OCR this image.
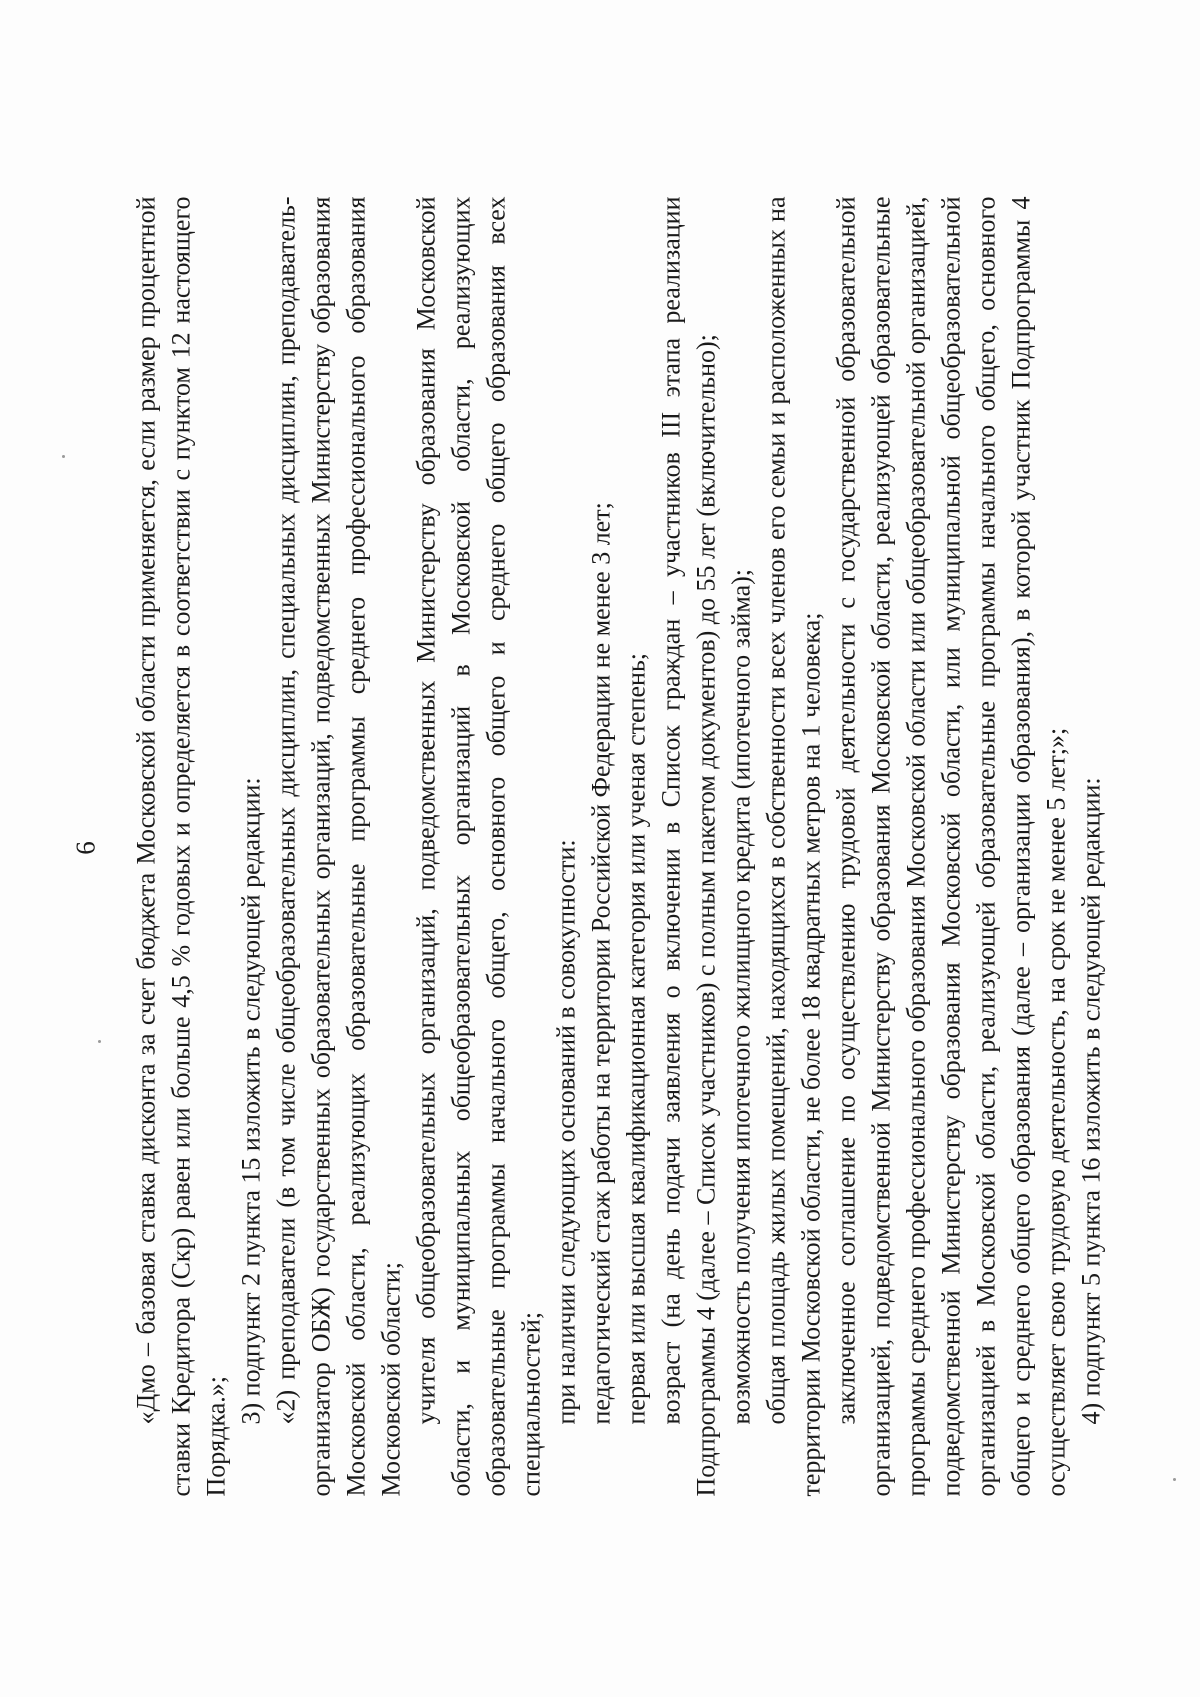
6 «Дмо – базовая ставка дисконта за счет бюджета Московской области применяется, если размер процентной ставки Кредитора (Скр) равен или больше 4,5 % годовых и определяется в соответствии с пунктом 12 настоящего Порядка.»;

3) подпункт 2 пункта 15 изложить в следующей редакции: «2) преподаватели (в том числе общеобразовательных дисциплин, специальных дисциплин, преподаватель-организатор ОБЖ) государственных образовательных организаций, подведомственных Министерству образования Московской области, реализующих образовательные программы среднего профессионального образования Московской области; учителя общеобразовательных организаций, подведомственных Министерству образования Московской области, и муниципальных общеобразовательных организаций в Московской области, реализующих образовательные программы начального общего, основного общего и среднего общего образования всех специальностей; при наличии следующих оснований в совокупности: педагогический стаж работы на территории Российской Федерации не менее 3 лет; первая или высшая квалификационная категория или ученая степень; возраст (на день подачи заявления о включении в Список граждан – участников III этапа реализации Подпрограммы 4 (далее – Список участников) с полным пакетом документов) до 55 лет (включительно); возможность получения ипотечного жилищного кредита (ипотечного займа); общая площадь жилых помещений, находящихся в собственности всех членов его семьи и расположенных на территории Московской области, не более 18 квадратных метров на 1 человека; заключенное соглашение по осуществлению трудовой деятельности с государственной образовательной организацией, подведомственной Министерству образования Московской области, реализующей образовательные программы среднего профессионального образования Московской области или общеобразовательной организацией, подведомственной Министерству образования Московской области, или муниципальной общеобразовательной организацией в Московской области, реализующей образовательные программы начального общего, основного общего и среднего общего образования (далее – организации образования), в которой участник Подпрограммы 4 осуществляет свою трудовую деятельность, на срок не менее 5 лет;»; 4) подпункт 5 пункта 16 изложить в следующей редакции:
